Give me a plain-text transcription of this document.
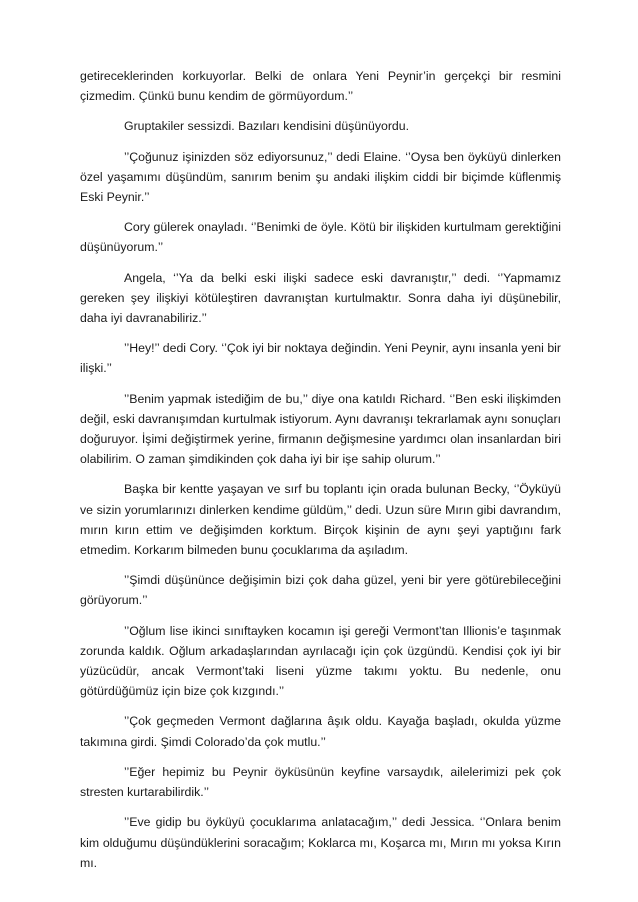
getireceklerinden korkuyorlar. Belki de onlara Yeni Peynir’in gerçekçi bir resmini çizmedim. Çünkü bunu kendim de görmüyordum.’’

Gruptakiler sessizdi. Bazıları kendisini düşünüyordu.

’’Çoğunuz işinizden söz ediyorsunuz,’’ dedi Elaine. ‘’Oysa ben öyküyü dinlerken özel yaşamımı düşündüm, sanırım benim şu andaki ilişkim ciddi bir biçimde küflenmiş Eski Peynir.’’

Cory gülerek onayladı. ‘’Benimki de öyle. Kötü bir ilişkiden kurtulmam gerektiğini düşünüyorum.’’

Angela, ‘’Ya da belki eski ilişki sadece eski davranıştır,’’ dedi. ‘’Yapmamız gereken şey ilişkiyi kötüleştiren davranıştan kurtulmaktır. Sonra daha iyi düşünebilir, daha iyi davranabiliriz.’’

’’Hey!’’ dedi Cory. ‘’Çok iyi bir noktaya değindin. Yeni Peynir, aynı insanla yeni bir ilişki.’’

’’Benim yapmak istediğim de bu,’’ diye ona katıldı Richard. ‘’Ben eski ilişkimden değil, eski davranışımdan kurtulmak istiyorum. Aynı davranışı tekrarlamak aynı sonuçları doğuruyor. İşimi değiştirmek yerine, firmanın değişmesine yardımcı olan insanlardan biri olabilirim. O zaman şimdikinden çok daha iyi bir işe sahip olurum.’’

Başka bir kentte yaşayan ve sırf bu toplantı için orada bulunan Becky, ‘’Öyküyü ve sizin yorumlarınızı dinlerken kendime güldüm,’’ dedi. Uzun süre Mırın gibi davrandım, mırın kırın ettim ve değişimden korktum. Birçok kişinin de aynı şeyi yaptığını fark etmedim. Korkarım bilmeden bunu çocuklarıma da aşıladım.

’’Şimdi düşününce değişimin bizi çok daha güzel, yeni bir yere götürebileceğini görüyorum.’’

’’Oğlum lise ikinci sınıftayken kocamın işi gereği Vermont’tan Illionis’e taşınmak zorunda kaldık. Oğlum arkadaşlarından ayrılacağı için çok üzgündü. Kendisi çok iyi bir yüzücüdür, ancak Vermont’taki liseni yüzme takımı yoktu. Bu nedenle, onu götürdüğümüz için bize çok kızgındı.’’

’’Çok geçmeden Vermont dağlarına âşık oldu. Kayağa başladı, okulda yüzme takımına girdi. Şimdi Colorado’da çok mutlu.’’

’’Eğer hepimiz bu Peynir öyküsünün keyfine varsaydık, ailelerimizi pek çok stresten kurtarabilirdik.’’

’’Eve gidip bu öyküyü çocuklarıma anlatacağım,’’ dedi Jessica. ‘’Onlara benim kim olduğumu düşündüklerini soracağım; Koklarca mı, Koşarca mı, Mırın mı yoksa Kırın mı.
